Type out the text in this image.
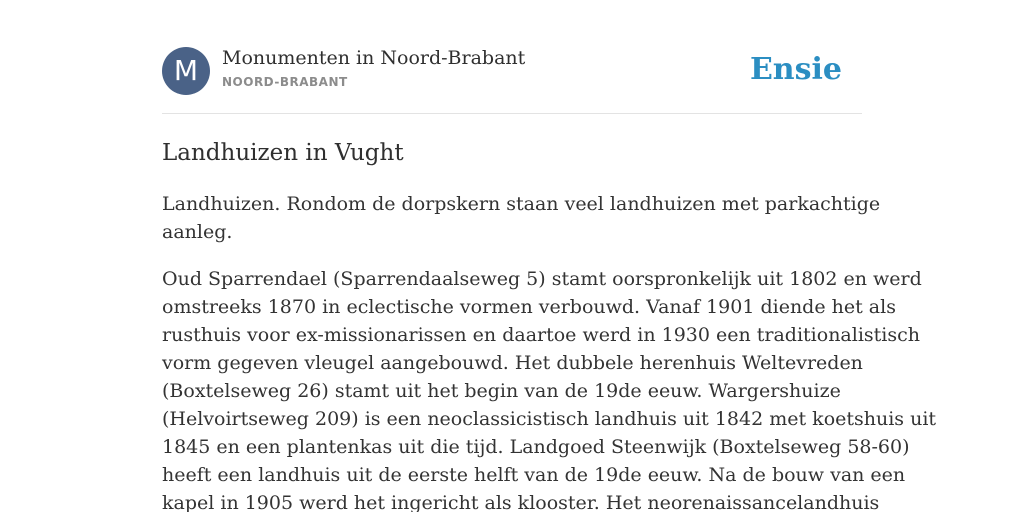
M	Monumenten in Noord-Brabant
NOORD-BRABANT	Ensie
Landhuizen in Vught

Landhuizen. Rondom de dorpskern staan veel landhuizen met parkachtige
aanleg.

Oud Sparrendael (Sparrendaalseweg 5) stamt oorspronkelijk uit 1802 en werd
omstreeks 1870 in eclectische vormen verbouwd. Vanaf 1901 diende het als
rusthuis voor ex-missionarissen en daartoe werd in 1930 een traditionalistisch
vorm gegeven vleugel aangebouwd. Het dubbele herenhuis Weltevreden
(Boxtelseweg 26) stamt uit het begin van de 19de eeuw. Wargershuize
(Helvoirtseweg 209) is een neoclassicistisch landhuis uit 1842 met koetshuis uit
1845 en een plantenkas uit die tijd. Landgoed Steenwijk (Boxtelseweg 58-60)
heeft een landhuis uit de eerste helft van de 19de eeuw. Na de bouw van een
kapel in 1905 werd het ingericht als klooster. Het neorenaissancelandhuis
